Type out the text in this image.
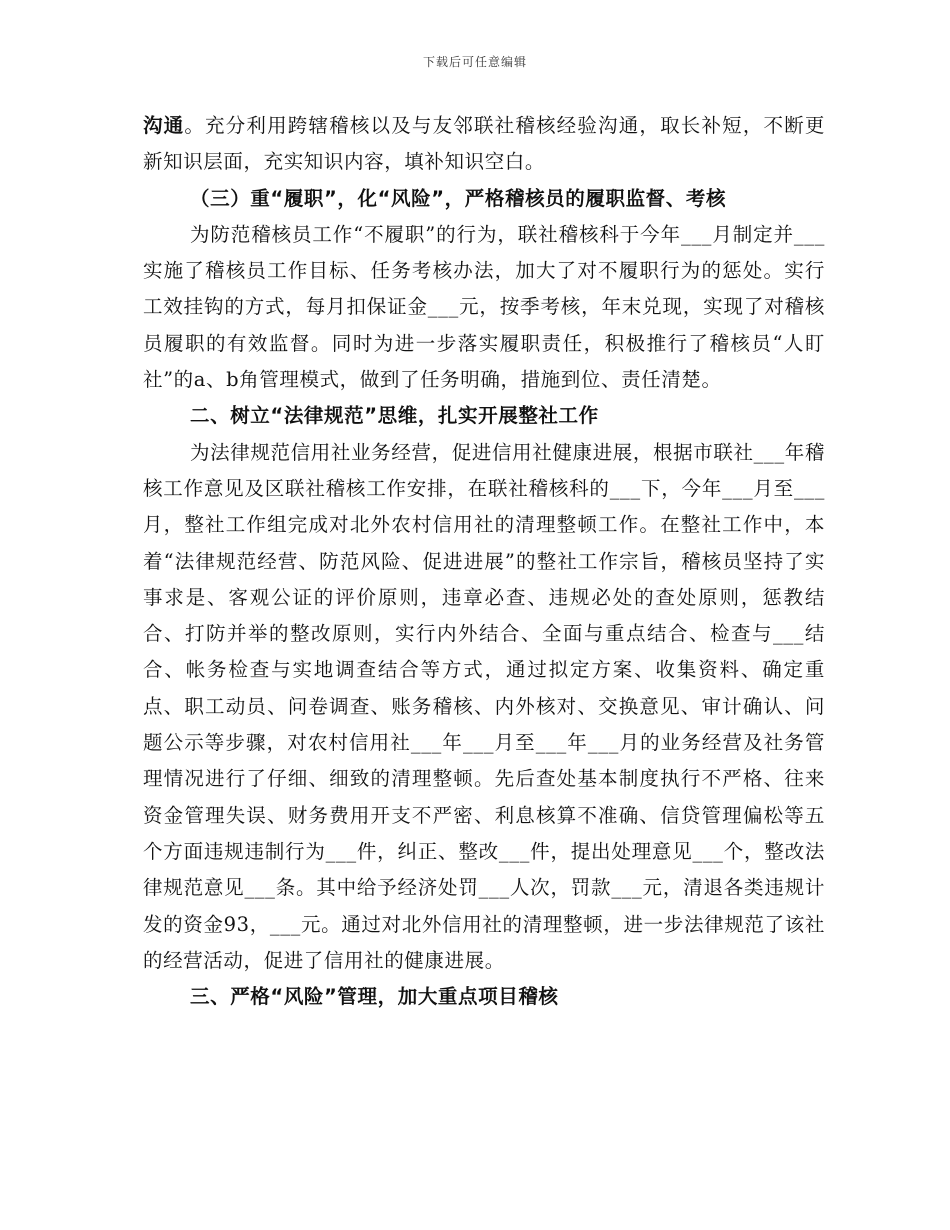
下载后可任意编辑

沟通。充分利用跨辖稽核以及与友邻联社稽核经验沟通，取长补短，不断更新知识层面，充实知识内容，填补知识空白。

（三）重“履职”，化“风险”，严格稽核员的履职监督、考核

为防范稽核员工作“不履职”的行为，联社稽核科于今年___月制定并___实施了稽核员工作目标、任务考核办法，加大了对不履职行为的惩处。实行工效挂钩的方式，每月扣保证金___元，按季考核，年末兑现，实现了对稽核员履职的有效监督。同时为进一步落实履职责任，积极推行了稽核员“人盯社”的a、b角管理模式，做到了任务明确，措施到位、责任清楚。

二、树立“法律规范”思维，扎实开展整社工作

为法律规范信用社业务经营，促进信用社健康进展，根据市联社___年稽核工作意见及区联社稽核工作安排，在联社稽核科的___下，今年___月至___月，整社工作组完成对北外农村信用社的清理整顿工作。在整社工作中，本着“法律规范经营、防范风险、促进进展”的整社工作宗旨，稽核员坚持了实事求是、客观公证的评价原则，违章必查、违规必处的查处原则，惩教结合、打防并举的整改原则，实行内外结合、全面与重点结合、检查与___结合、帐务检查与实地调查结合等方式，通过拟定方案、收集资料、确定重点、职工动员、问卷调查、账务稽核、内外核对、交换意见、审计确认、问题公示等步骤，对农村信用社___年___月至___年___月的业务经营及社务管理情况进行了仔细、细致的清理整顿。先后查处基本制度执行不严格、往来资金管理失误、财务费用开支不严密、利息核算不准确、信贷管理偏松等五个方面违规违制行为___件，纠正、整改___件，提出处理意见___个，整改法律规范意见___条。其中给予经济处罚___人次，罚款___元，清退各类违规计发的资金93，___元。通过对北外信用社的清理整顿，进一步法律规范了该社的经营活动，促进了信用社的健康进展。

三、严格“风险”管理，加大重点项目稽核
